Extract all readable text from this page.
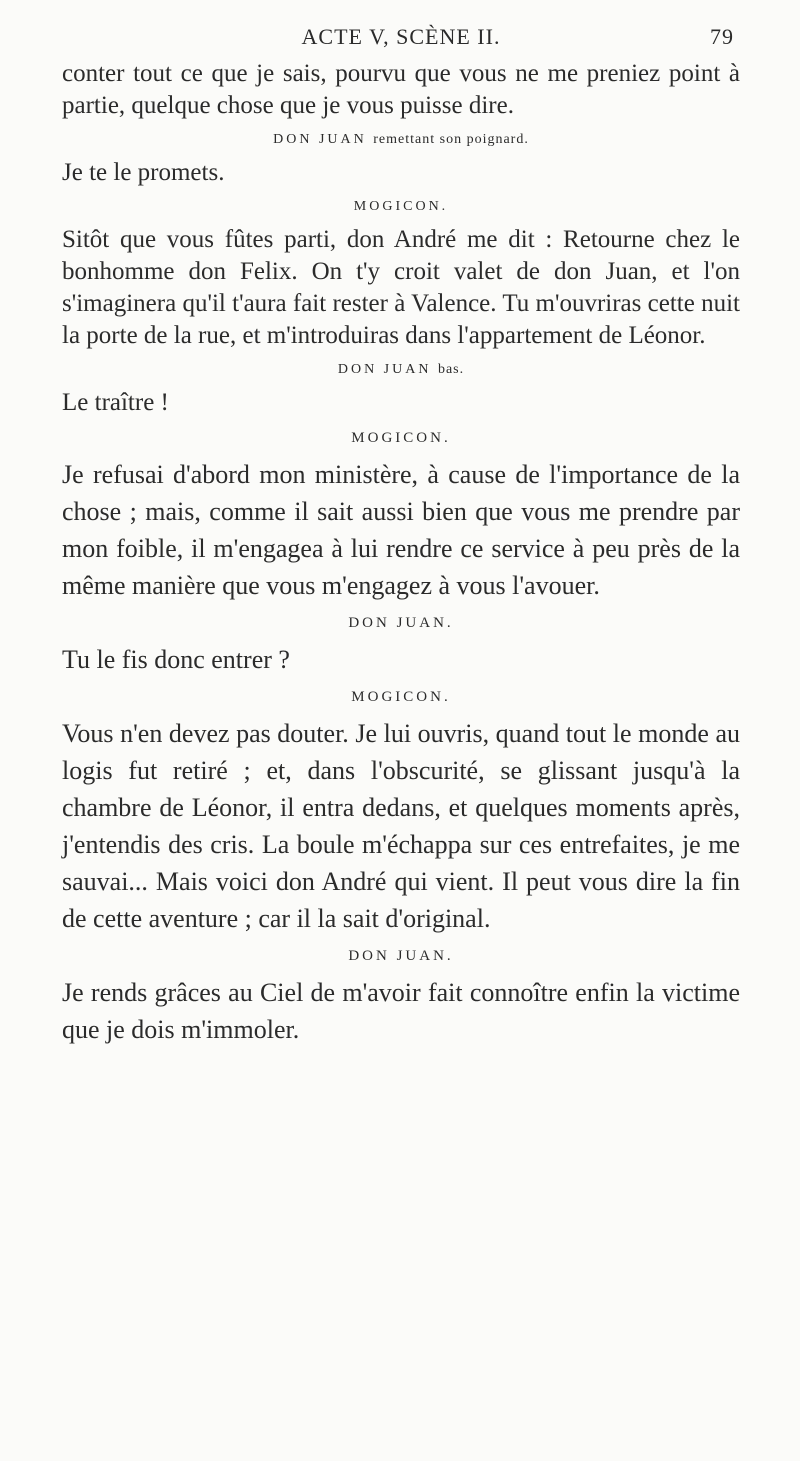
ACTE V, SCÈNE II.	79

conter tout ce que je sais, pourvu que vous ne me preniez point à partie, quelque chose que je vous puisse dire.

DON JUAN remettant son poignard.

Je te le promets.

MOGICON.

Sitôt que vous fûtes parti, don André me dit : Retourne chez le bonhomme don Felix. On t'y croit valet de don Juan, et l'on s'imaginera qu'il t'aura fait rester à Valence. Tu m'ouvriras cette nuit la porte de la rue, et m'introduiras dans l'appartement de Léonor.

DON JUAN bas.

Le traître !

MOGICON.

Je refusai d'abord mon ministère, à cause de l'importance de la chose ; mais, comme il sait aussi bien que vous me prendre par mon foible, il m'engagea à lui rendre ce service à peu près de la même manière que vous m'engagez à vous l'avouer.

DON JUAN.

Tu le fis donc entrer ?

MOGICON.

Vous n'en devez pas douter. Je lui ouvris, quand tout le monde au logis fut retiré ; et, dans l'obscurité, se glissant jusqu'à la chambre de Léonor, il entra dedans, et quelques moments après, j'entendis des cris. La boule m'échappa sur ces entrefaites, je me sauvai... Mais voici don André qui vient. Il peut vous dire la fin de cette aventure ; car il la sait d'original.

DON JUAN.

Je rends grâces au Ciel de m'avoir fait connoître enfin la victime que je dois m'immoler.
